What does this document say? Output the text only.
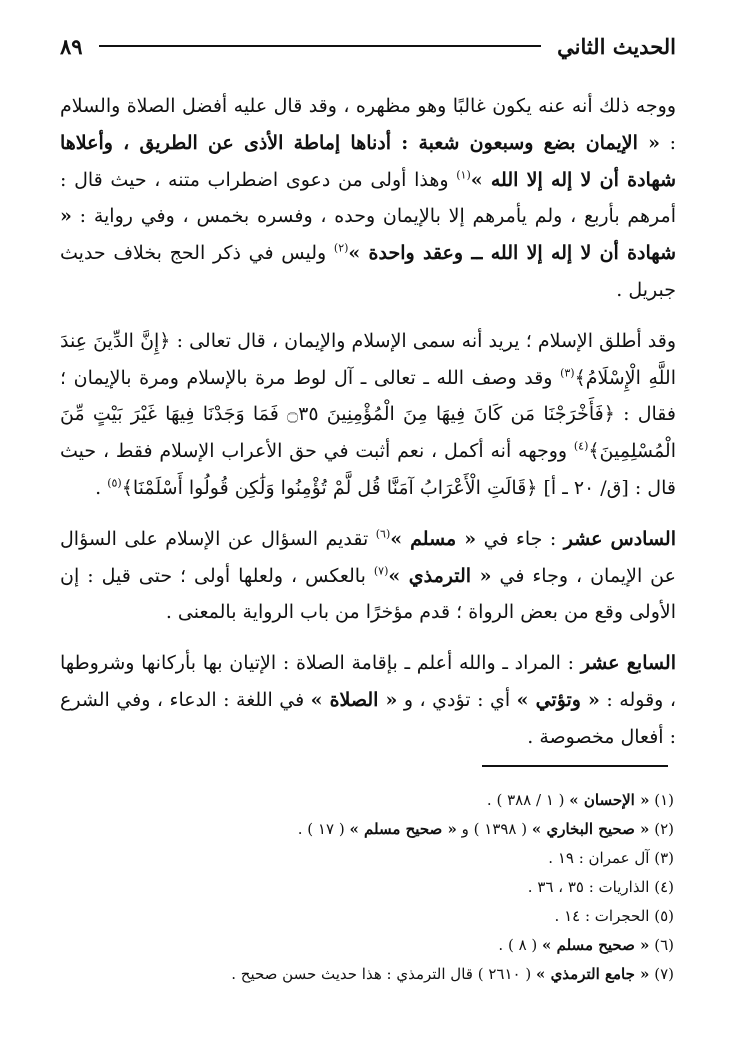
الحديث الثاني
٨٩

ووجه ذلك أنه عنه يكون غالبًا وهو مظهره ، وقد قال عليه أفضل الصلاة والسلام : « الإيمان بضع وسبعون شعبة : أدناها إماطة الأذى عن الطريق ، وأعلاها شهادة أن لا إله إلا الله »$^{(١)}$ وهذا أولى من دعوى اضطراب متنه ، حيث قال : أمرهم بأربع ، ولم يأمرهم إلا بالإيمان وحده ، وفسره بخمس ، وفي رواية : « شهادة أن لا إله إلا الله ــ وعقد واحدة »$^{(٢)}$ وليس في ذكر الحج بخلاف حديث جبريل .

وقد أطلق الإسلام ؛ يريد أنه سمى الإسلام والإيمان ، قال تعالى : ﴿إِنَّ الدِّينَ عِندَ اللَّهِ الْإِسْلَامُ﴾$^{(٣)}$ وقد وصف الله ـ تعالى ـ آل لوط مرة بالإسلام ومرة بالإيمان ؛ فقال : ﴿فَأَخْرَجْنَا مَن كَانَ فِيهَا مِنَ الْمُؤْمِنِينَ ۝٣٥ فَمَا وَجَدْنَا فِيهَا غَيْرَ بَيْتٍ مِّنَ الْمُسْلِمِينَ﴾$^{(٤)}$ ووجهه أنه أكمل ، نعم أثبت في حق الأعراب الإسلام فقط ، حيث قال : [ق/ ٢٠ ـ أ] ﴿قَالَتِ الْأَعْرَابُ آمَنَّا قُل لَّمْ تُؤْمِنُوا وَلَٰكِن قُولُوا أَسْلَمْنَا﴾$^{(٥)}$ .

السادس عشر : جاء في « مسلم »$^{(٦)}$ تقديم السؤال عن الإسلام على السؤال عن الإيمان ، وجاء في « الترمذي »$^{(٧)}$ بالعكس ، ولعلها أولى ؛ حتى قيل : إن الأولى وقع من بعض الرواة ؛ قدم مؤخرًا من باب الرواية بالمعنى .

السابع عشر : المراد ـ والله أعلم ـ بإقامة الصلاة : الإتيان بها بأركانها وشروطها ، وقوله : « وتؤتي » أي : تؤدي ، و « الصلاة » في اللغة : الدعاء ، وفي الشرع : أفعال مخصوصة .

(١) « الإحسان » ( ١ / ٣٨٨ ) .

(٢) « صحيح البخاري » ( ١٣٩٨ ) و « صحيح مسلم » ( ١٧ ) .

(٣) آل عمران : ١٩ .

(٤) الذاريات : ٣٥ ، ٣٦ .

(٥) الحجرات : ١٤ .

(٦) « صحيح مسلم » ( ٨ ) .

(٧) « جامع الترمذي » ( ٢٦١٠ ) قال الترمذي : هذا حديث حسن صحيح .
